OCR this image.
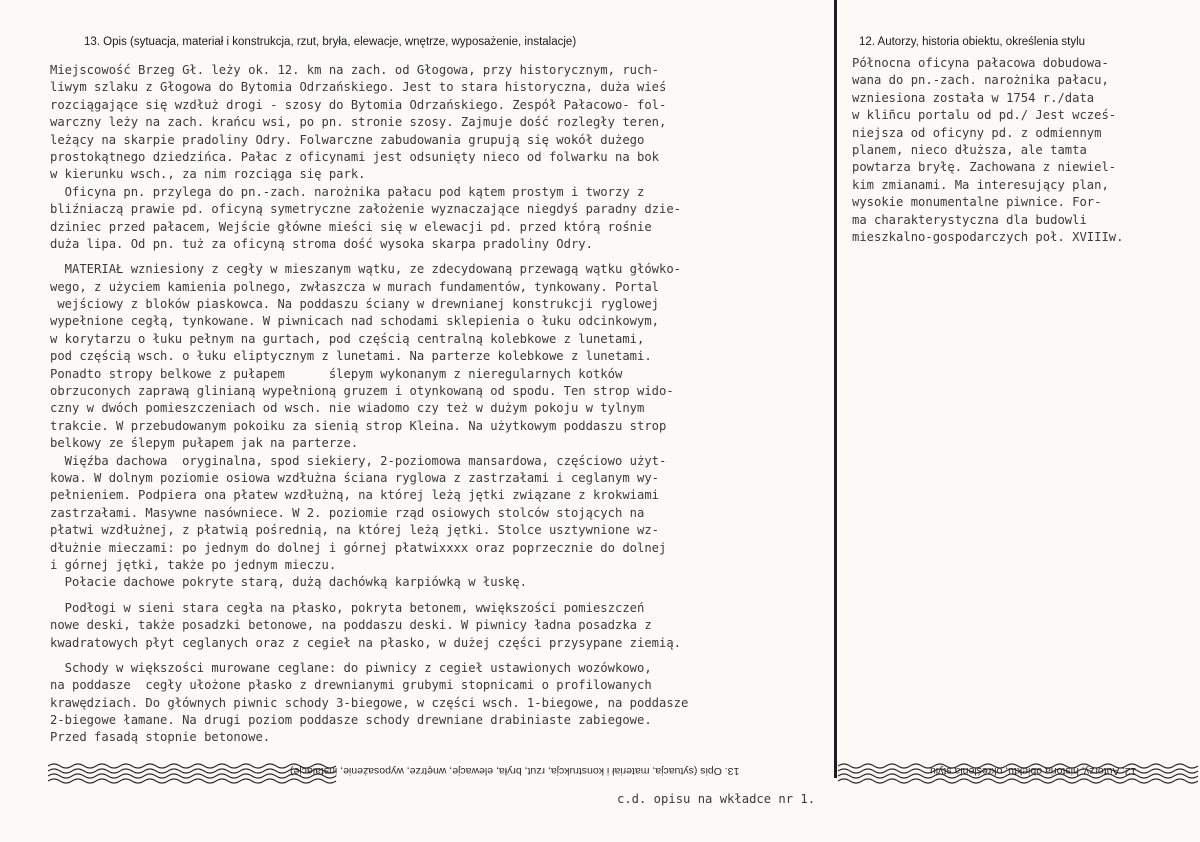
13. Opis (sytuacja, materiał i konstrukcja, rzut, bryła, elewacje, wnętrze, wyposażenie, instalacje)	12. Autorzy, historia obiektu, określenia stylu
Miejscowość Brzeg Gł. leży ok. 12. km na zach. od Głogowa, przy historycznym, ruch-
liwym szlaku z Głogowa do Bytomia Odrzańskiego. Jest to stara historyczna, duża wieś
rozciągające się wzdłuż drogi - szosy do Bytomia Odrzańskiego. Zespół Pałacowo- fol-
warczny leży na zach. krańcu wsi, po pn. stronie szosy. Zajmuje dość rozległy teren,
leżący na skarpie pradoliny Odry. Folwarczne zabudowania grupują się wokół dużego
prostokątnego dziedzińca. Pałac z oficynami jest odsunięty nieco od folwarku na bok
w kierunku wsch., za nim rozciąga się park.
Oficyna pn. przylega do pn.-zach. narożnika pałacu pod kątem prostym i tworzy z
bliźniaczą prawie pd. oficyną symetryczne założenie wyznaczające niegdyś paradny dzie-
dziniec przed pałacem, Wejście główne mieści się w elewacji pd. przed którą rośnie
duża lipa. Od pn. tuż za oficyną stroma dość wysoka skarpa pradoliny Odry.
MATERIAŁ wzniesiony z cegły w mieszanym wątku, ze zdecydowaną przewagą wątku główko-
wego, z użyciem kamienia polnego, zwłaszcza w murach fundamentów, tynkowany. Portal
wejściowy z bloków piaskowca. Na poddaszu ściany w drewnianej konstrukcji ryglowej
wypełnione cegłą, tynkowane. W piwnicach nad schodami sklepienia o łuku odcinkowym,
w korytarzu o łuku pełnym na gurtach, pod częścią centralną kolebkowe z lunetami,
pod częścią wsch. o łuku eliptycznym z lunetami. Na parterze kolebkowe z lunetami.
Ponadto stropy belkowe z pułapem      ślepym wykonanym z nieregularnych kotków
obrzuconych zaprawą glinianą wypełnioną gruzem i otynkowaną od spodu. Ten strop wido-
czny w dwóch pomieszczeniach od wsch. nie wiadomo czy też w dużym pokoju w tylnym
trakcie. W przebudowanym pokoiku za sienią strop Kleina. Na użytkowym poddaszu strop
belkowy ze ślepym pułapem jak na parterze.
Więźba dachowa  oryginalna, spod siekiery, 2-poziomowa mansardowa, częściowo użyt-
kowa. W dolnym poziomie osiowa wzdłużna ściana ryglowa z zastrzałami i ceglanym wy-
pełnieniem. Podpiera ona płatew wzdłużną, na której leżą jętki związane z krokwiami
zastrzałami. Masywne nasówniece. W 2. poziomie rząd osiowych stolców stojących na
płatwi wzdłużnej, z płatwią pośrednią, na której leżą jętki. Stolce usztywnione wz-
dłużnie mieczami: po jednym do dolnej i górnej płatwixxxx oraz poprzecznie do dolnej
i górnej jętki, także po jednym mieczu.
Połacie dachowe pokryte starą, dużą dachówką karpiówką w łuskę.
Podłogi w sieni stara cegła na płasko, pokryta betonem, wwiększości pomieszczeń
nowe deski, także posadzki betonowe, na poddaszu deski. W piwnicy ładna posadzka z
kwadratowych płyt ceglanych oraz z cegieł na płasko, w dużej części przysypane ziemią.
Schody w większości murowane ceglane: do piwnicy z cegieł ustawionych wozówkowo,
na poddasze  cegły ułożone płasko z drewnianymi grubymi stopnicami o profilowanych
krawędziach. Do głównych piwnic schody 3-biegowe, w części wsch. 1-biegowe, na poddasze
2-biegowe łamane. Na drugi poziom poddasze schody drewniane drabiniaste zabiegowe.
Przed fasadą stopnie betonowe.
Północna oficyna pałacowa dobudowa-
wana do pn.-zach. narożnika pałacu,
wzniesiona została w 1754 r./data
w kliñcu portalu od pd./ Jest wcześ-
niejsza od oficyny pd. z odmiennym
planem, nieco dłuższa, ale tamta
powtarza bryłę. Zachowana z niewiel-
kim zmianami. Ma interesujący plan,
wysokie monumentalne piwnice. For-
ma charakterystyczna dla budowli
mieszkalno-gospodarczych poł. XVIIIw.
13. Opis (sytuacja, materiał i konstrukcja, rzut, bryła, elewacje, wnętrze, wyposażenie, instalacje)	12. Autorzy, historia obiektu, określenia stylu
c.d. opisu na wkładce nr 1.
